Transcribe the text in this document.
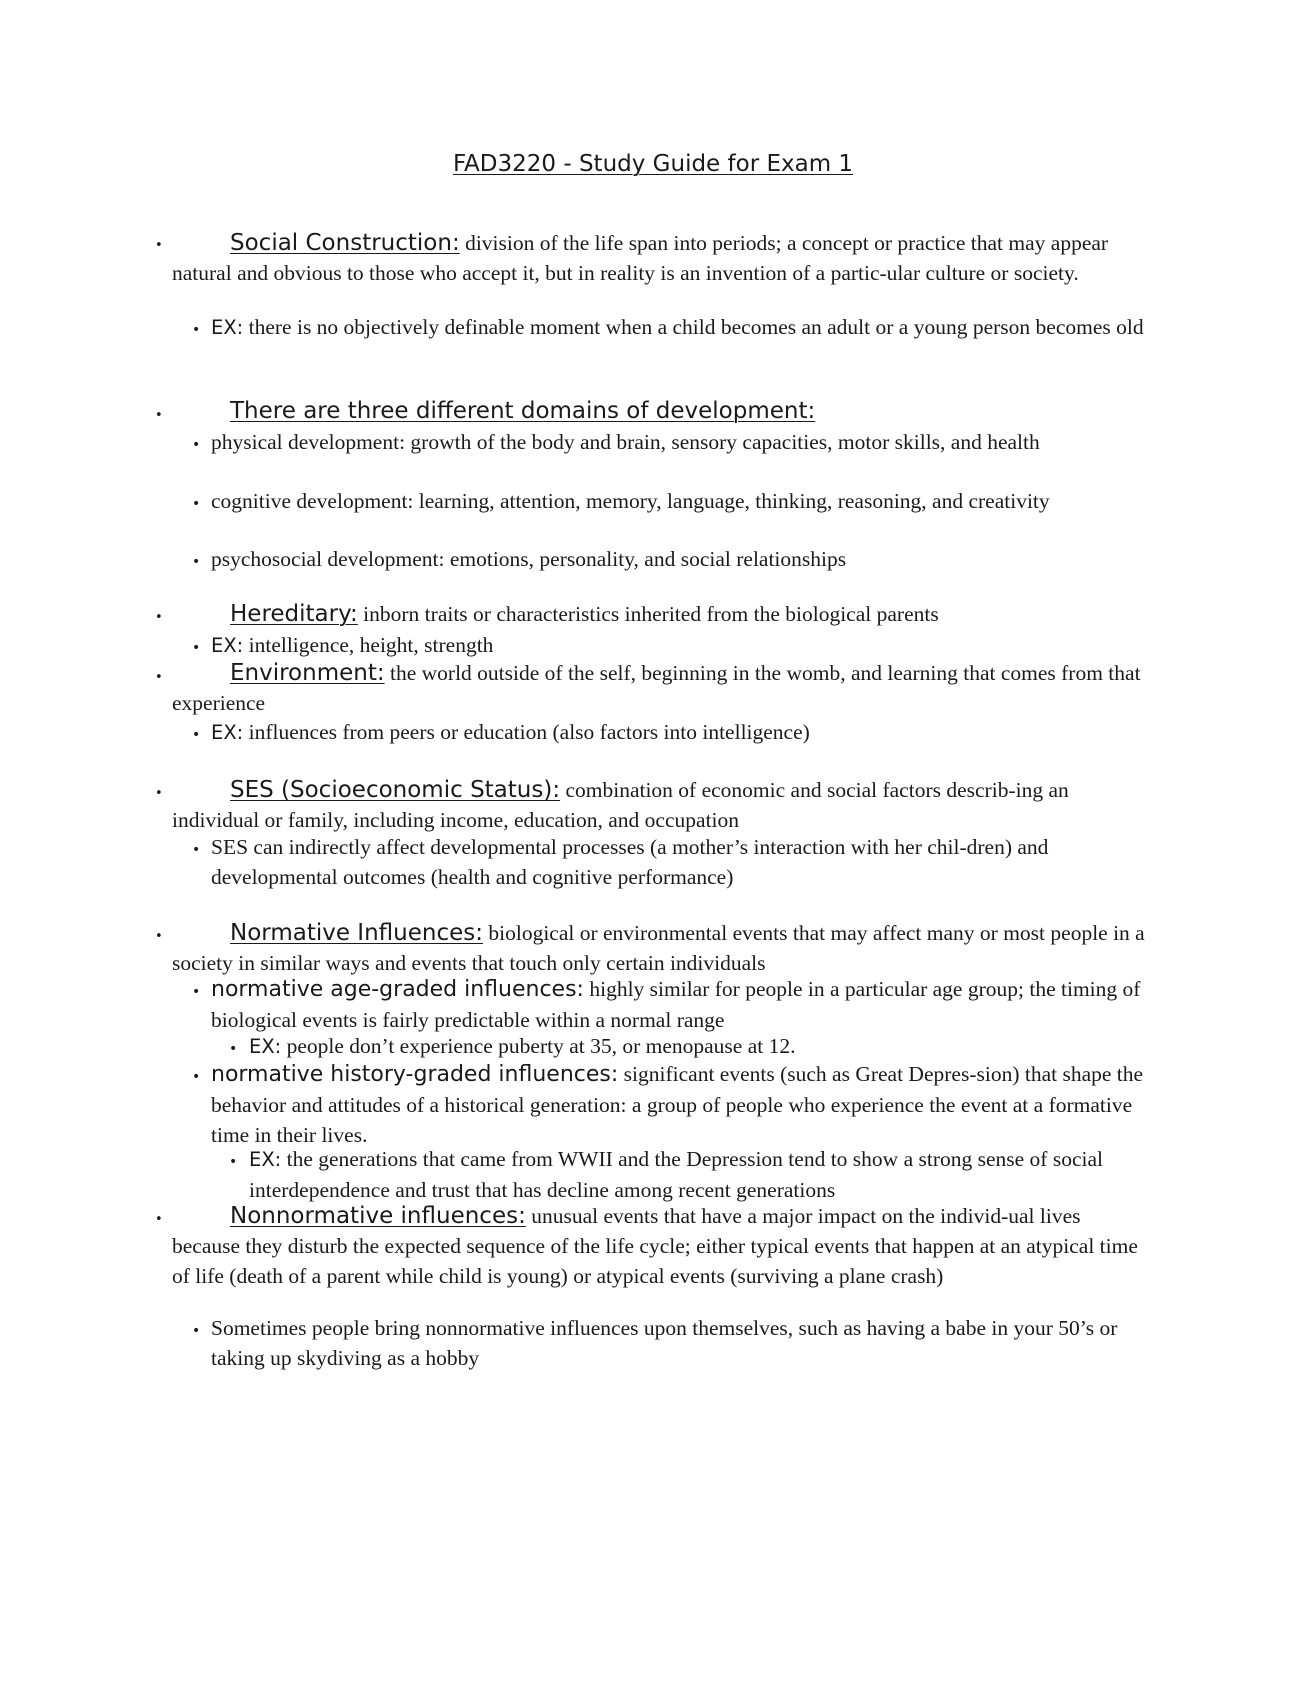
FAD3220 - Study Guide for Exam 1
•	Social Construction: division of the life span into periods; a concept or practice that may appear natural and obvious to those who accept it, but in reality is an invention of a partic-ular culture or society.

• EX: there is no objectively definable moment when a child becomes an adult or a young person becomes old

•	There are three different domains of development:

• physical development: growth of the body and brain, sensory capacities, motor skills, and health

• cognitive development: learning, attention, memory, language, thinking, reasoning, and creativity

• psychosocial development: emotions, personality, and social relationships

•	Hereditary: inborn traits or characteristics inherited from the biological parents

• EX: intelligence, height, strength

•	Environment: the world outside of the self, beginning in the womb, and learning that comes from that experience

• EX: influences from peers or education (also factors into intelligence)

•	SES (Socioeconomic Status): combination of economic and social factors describ-ing an individual or family, including income, education, and occupation

• SES can indirectly affect developmental processes (a mother’s interaction with her chil-dren) and developmental outcomes (health and cognitive performance)

•	Normative Influences: biological or environmental events that may affect many or most people in a society in similar ways and events that touch only certain individuals

• normative age-graded influences: highly similar for people in a particular age group; the timing of biological events is fairly predictable within a normal range

• EX: people don’t experience puberty at 35, or menopause at 12.

• normative history-graded influences: significant events (such as Great Depres-sion) that shape the behavior and attitudes of a historical generation: a group of people who experience the event at a formative time in their lives.

• EX: the generations that came from WWII and the Depression tend to show a strong sense of social interdependence and trust that has decline among recent generations

•	Nonnormative influences: unusual events that have a major impact on the individ-ual lives because they disturb the expected sequence of the life cycle; either typical events that happen at an atypical time of life (death of a parent while child is young) or atypical events (surviving a plane crash)

• Sometimes people bring nonnormative influences upon themselves, such as having a babe in your 50’s or taking up skydiving as a hobby
